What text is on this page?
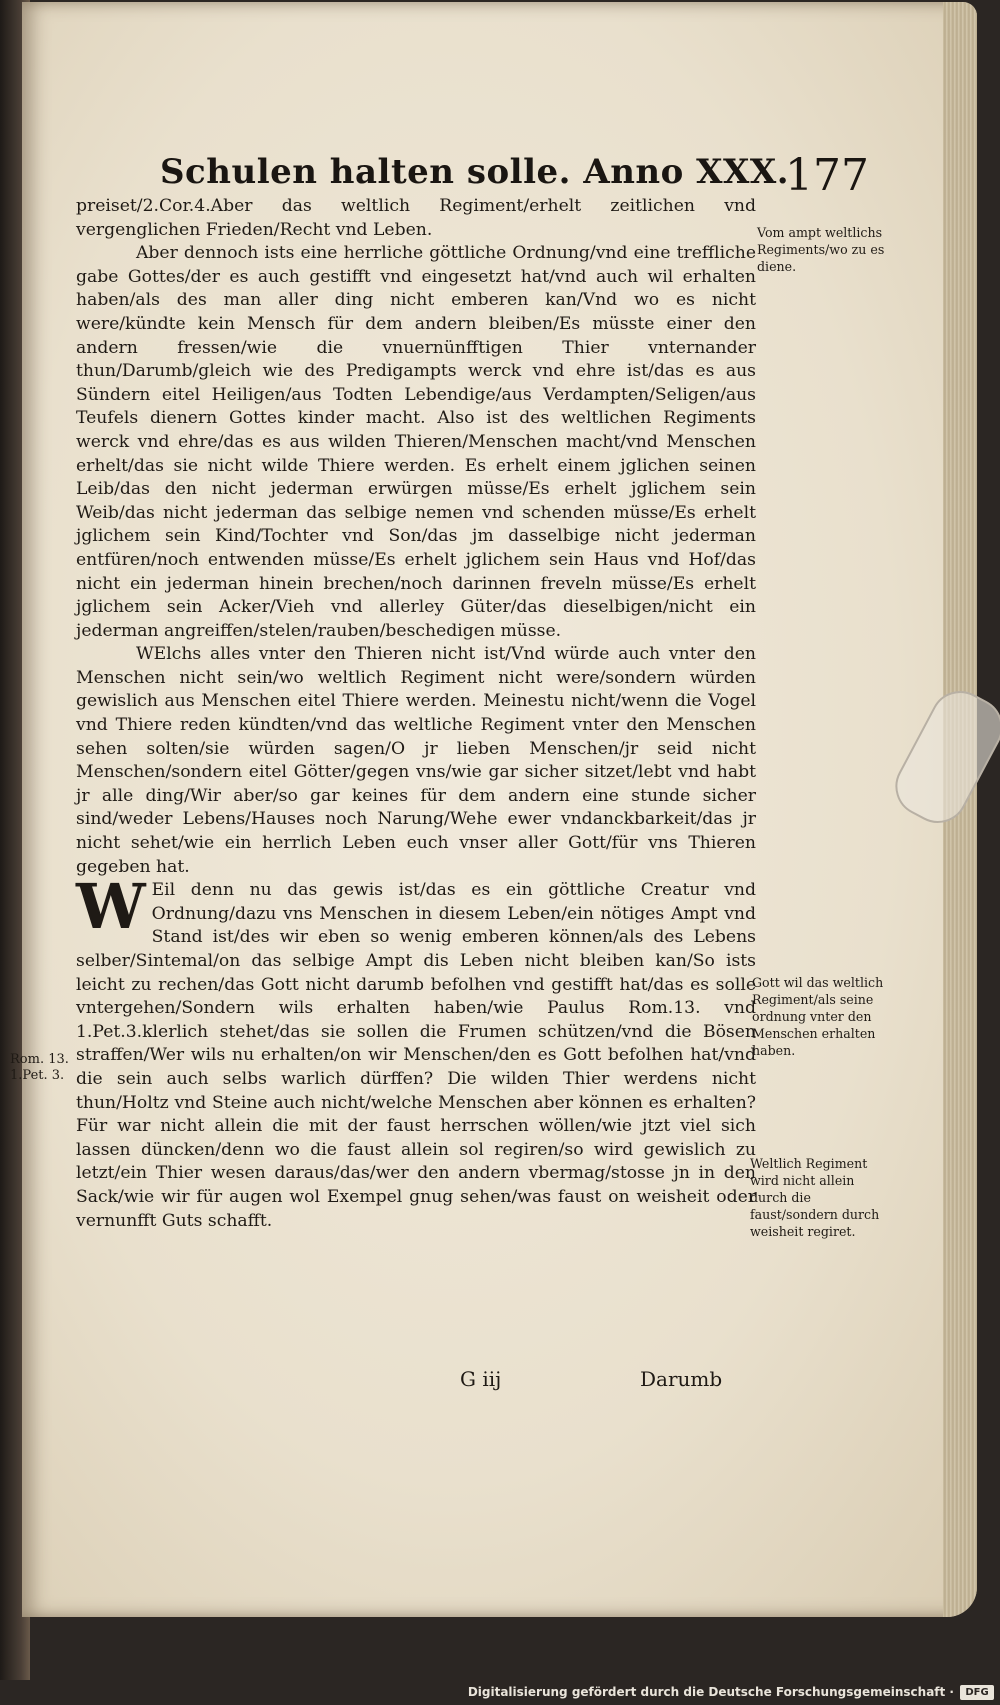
Schulen halten solle. Anno XXX.
177

preiset/2.Cor.4.Aber das weltlich Regiment/erhelt zeitlichen vnd vergenglichen Frieden/Recht vnd Leben.

Aber dennoch ists eine herrliche göttliche Ordnung/vnd eine treffliche gabe Gottes/der es auch gestifft vnd eingesetzt hat/vnd auch wil erhalten haben/als des man aller ding nicht emberen kan/Vnd wo es nicht were/kündte kein Mensch für dem andern bleiben/Es müsste einer den andern fressen/wie die vnuernünfftigen Thier vnternander thun/Darumb/gleich wie des Predigampts werck vnd ehre ist/das es aus Sündern eitel Heiligen/aus Todten Lebendige/aus Verdampten/Seligen/aus Teufels dienern Gottes kinder macht. Also ist des weltlichen Regiments werck vnd ehre/das es aus wilden Thieren/Menschen macht/vnd Menschen erhelt/das sie nicht wilde Thiere werden. Es erhelt einem jglichen seinen Leib/das den nicht jederman erwürgen müsse/Es erhelt jglichem sein Weib/das nicht jederman das selbige nemen vnd schenden müsse/Es erhelt jglichem sein Kind/Tochter vnd Son/das jm dasselbige nicht jederman entfüren/noch entwenden müsse/Es erhelt jglichem sein Haus vnd Hof/das nicht ein jederman hinein brechen/noch darinnen freveln müsse/Es erhelt jglichem sein Acker/Vieh vnd allerley Güter/das dieselbigen/nicht ein jederman angreiffen/stelen/rauben/beschedigen müsse.

WElchs alles vnter den Thieren nicht ist/Vnd würde auch vnter den Menschen nicht sein/wo weltlich Regiment nicht were/sondern würden gewislich aus Menschen eitel Thiere werden. Meinestu nicht/wenn die Vogel vnd Thiere reden kündten/vnd das weltliche Regiment vnter den Menschen sehen solten/sie würden sagen/O jr lieben Menschen/jr seid nicht Menschen/sondern eitel Götter/gegen vns/wie gar sicher sitzet/lebt vnd habt jr alle ding/Wir aber/so gar keines für dem andern eine stunde sicher sind/weder Lebens/Hauses noch Narung/Wehe ewer vndanckbarkeit/das jr nicht sehet/wie ein herrlich Leben euch vnser aller Gott/für vns Thieren gegeben hat.

W Eil denn nu das gewis ist/das es ein göttliche Creatur vnd Ordnung/dazu vns Menschen in diesem Leben/ein nötiges Ampt vnd Stand ist/des wir eben so wenig emberen können/als des Lebens selber/Sintemal/on das selbige Ampt dis Leben nicht bleiben kan/So ists leicht zu rechen/das Gott nicht darumb befolhen vnd gestifft hat/das es solle vntergehen/Sondern wils erhalten haben/wie Paulus Rom.13. vnd 1.Pet.3.klerlich stehet/das sie sollen die Frumen schützen/vnd die Bösen straffen/Wer wils nu erhalten/on wir Menschen/den es Gott befolhen hat/vnd die sein auch selbs warlich dürffen? Die wilden Thier werdens nicht thun/Holtz vnd Steine auch nicht/welche Menschen aber können es erhalten? Für war nicht allein die mit der faust herrschen wöllen/wie jtzt viel sich lassen düncken/denn wo die faust allein sol regiren/so wird gewislich zu letzt/ein Thier wesen daraus/das/wer den andern vbermag/stosse jn in den Sack/wie wir für augen wol Exempel gnug sehen/was faust on weisheit oder vernunfft Guts schafft.

Vom ampt weltlichs Regiments/wo zu es diene.
Gott wil das weltlich Regiment/als seine ordnung vnter den Menschen erhalten haben.
Weltlich Regiment wird nicht allein durch die faust/sondern durch weisheit regiret.
Rom. 13. 1.Pet. 3.
G iij	Darumb
Digitalisierung gefördert durch die Deutsche Forschungsgemeinschaft ·	DFG
